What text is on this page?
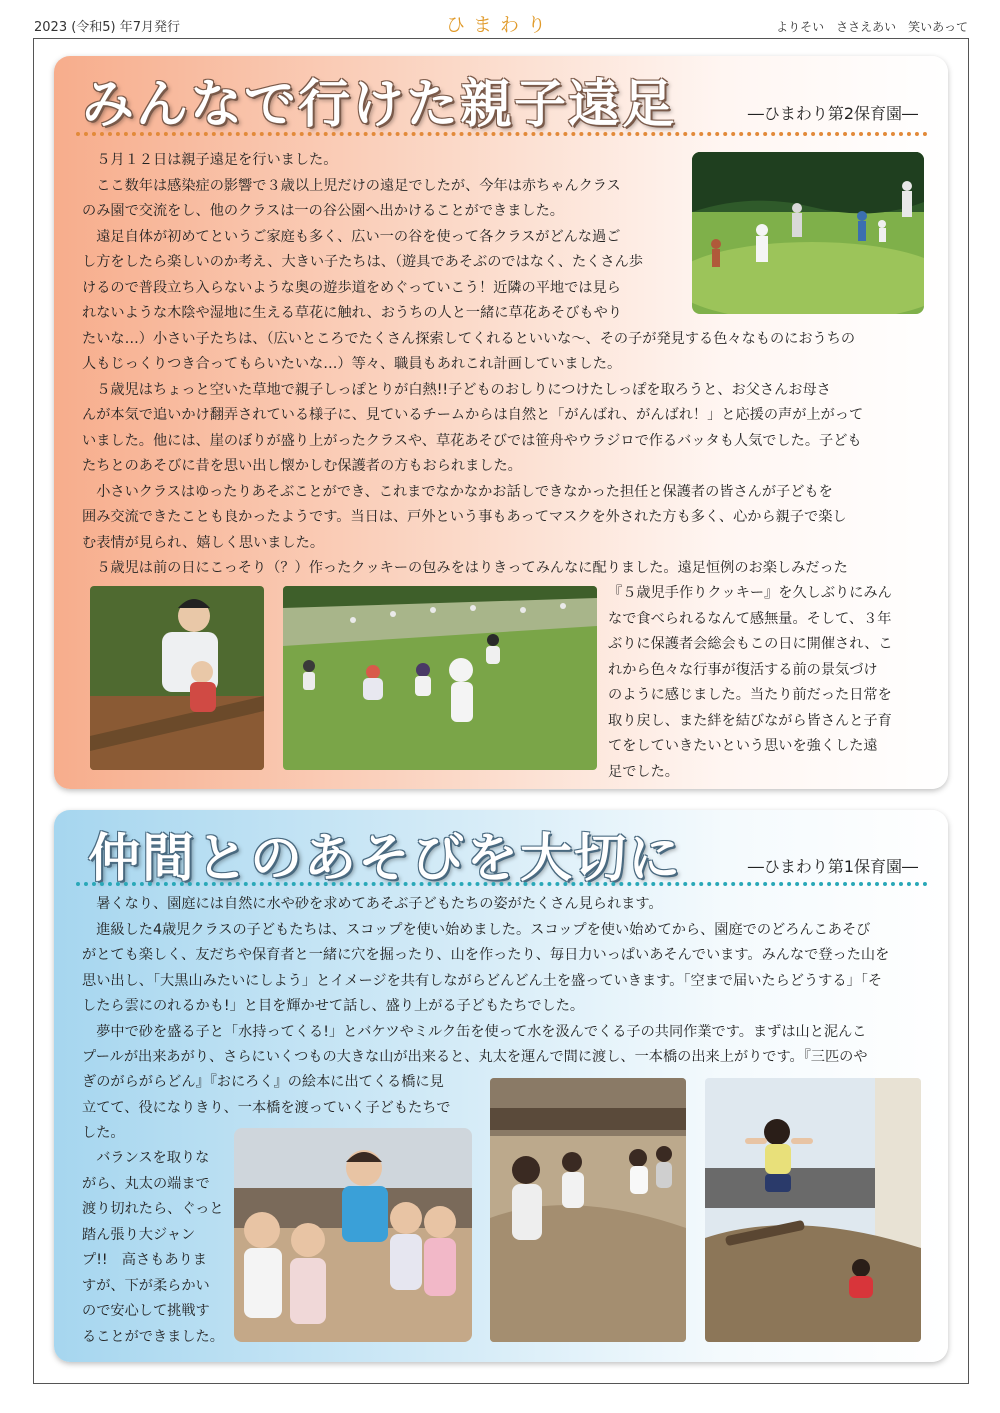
2023 (令和5) 年7月発行	ひまわり	よりそい　ささえあい　笑いあって
みんなで行けた親子遠足	―ひまわり第2保育園―
　５月１２日は親子遠足を行いました。
　ここ数年は感染症の影響で３歳以上児だけの遠足でしたが、今年は赤ちゃんクラス
のみ園で交流をし、他のクラスは一の谷公園へ出かけることができました。
　遠足自体が初めてというご家庭も多く、広い一の谷を使って各クラスがどんな過ご
し方をしたら楽しいのか考え、大きい子たちは、（遊具であそぶのではなく、たくさん歩
けるので普段立ち入らないような奥の遊歩道をめぐっていこう！近隣の平地では見ら
れないような木陰や湿地に生える草花に触れ、おうちの人と一緒に草花あそびもやり
たいな…）小さい子たちは、（広いところでたくさん探索してくれるといいな～、その子が発見する色々なものにおうちの
人もじっくりつき合ってもらいたいな…）等々、職員もあれこれ計画していました。
　５歳児はちょっと空いた草地で親子しっぽとりが白熱!!子どものおしりにつけたしっぽを取ろうと、お父さんお母さ
んが本気で追いかけ翻弄されている様子に、見ているチームからは自然と「がんばれ、がんばれ！」と応援の声が上がって
いました。他には、崖のぼりが盛り上がったクラスや、草花あそびでは笹舟やウラジロで作るバッタも人気でした。子ども
たちとのあそびに昔を思い出し懐かしむ保護者の方もおられました。
　小さいクラスはゆったりあそぶことができ、これまでなかなかお話しできなかった担任と保護者の皆さんが子どもを
囲み交流できたことも良かったようです。当日は、戸外という事もあってマスクを外された方も多く、心から親子で楽し
む表情が見られ、嬉しく思いました。
　５歳児は前の日にこっそり（？）作ったクッキーの包みをはりきってみんなに配りました。遠足恒例のお楽しみだった
『５歳児手作りクッキー』を久しぶりにみん
なで食べられるなんて感無量。そして、３年
ぶりに保護者会総会もこの日に開催され、こ
れから色々な行事が復活する前の景気づけ
のように感じました。当たり前だった日常を
取り戻し、また絆を結びながら皆さんと子育
てをしていきたいという思いを強くした遠
足でした。
仲間とのあそびを大切に	―ひまわり第1保育園―
　暑くなり、園庭には自然に水や砂を求めてあそぶ子どもたちの姿がたくさん見られます。
　進級した4歳児クラスの子どもたちは、スコップを使い始めました。スコップを使い始めてから、園庭でのどろんこあそび
がとても楽しく、友だちや保育者と一緒に穴を掘ったり、山を作ったり、毎日力いっぱいあそんでいます。みんなで登った山を
思い出し、「大黒山みたいにしよう」とイメージを共有しながらどんどん土を盛っていきます。「空まで届いたらどうする」「そ
したら雲にのれるかも!」と目を輝かせて話し、盛り上がる子どもたちでした。
　夢中で砂を盛る子と「水持ってくる!」とバケツやミルク缶を使って水を汲んでくる子の共同作業です。まずは山と泥んこ
プールが出来あがり、さらにいくつもの大きな山が出来ると、丸太を運んで間に渡し、一本橋の出来上がりです。『三匹のや
ぎのがらがらどん』『おにろく』の絵本に出てくる橋に見
立てて、役になりきり、一本橋を渡っていく子どもたちで
した。
　バランスを取りな
がら、丸太の端まで
渡り切れたら、ぐっと
踏ん張り大ジャン
プ!!　高さもありま
すが、下が柔らかい
ので安心して挑戦す
ることができました。
